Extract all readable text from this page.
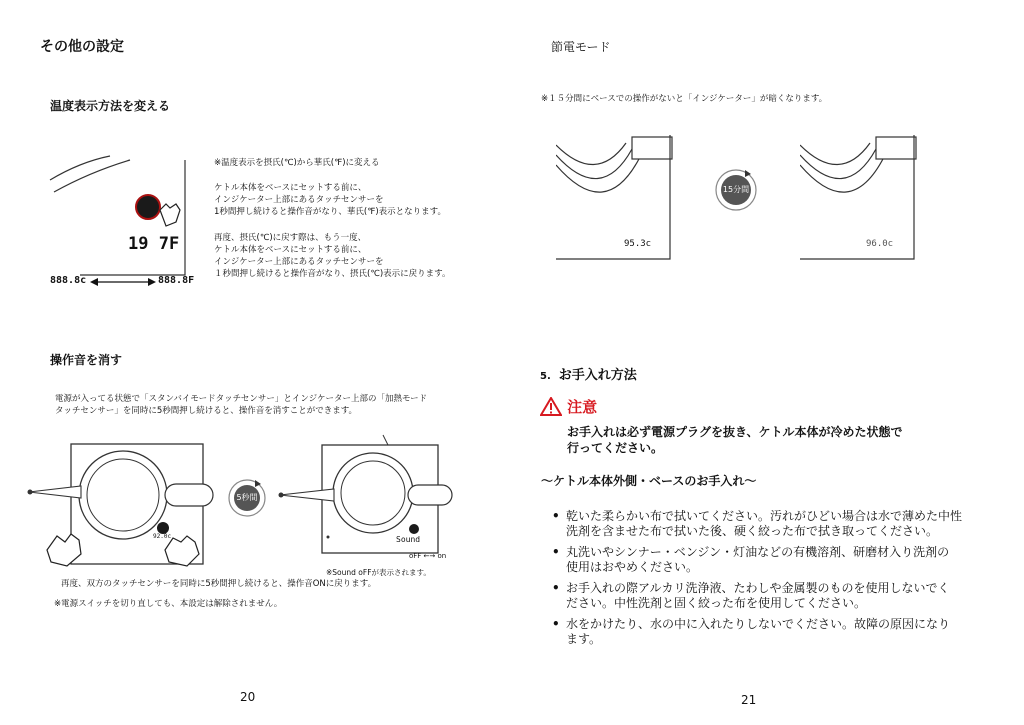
その他の設定
温度表示方法を変える
19 7F
888.8c	888.8F
※温度表示を摂氏(℃)から華氏(℉)に変える
ケトル本体をベースにセットする前に、
インジケーター上部にあるタッチセンサーを
1秒間押し続けると操作音がなり、華氏(℉)表示となります。
再度、摂氏(℃)に戻す際は、もう一度、
ケトル本体をベースにセットする前に、
インジケーター上部にあるタッチセンサーを
１秒間押し続けると操作音がなり、摂氏(℃)表示に戻ります。
操作音を消す
電源が入ってる状態で「スタンバイモードタッチセンサー」とインジケーター上部の「加熱モード
タッチセンサー」を同時に5秒間押し続けると、操作音を消すことができます。
92.0c
5秒間
Sound
oFF ←→ on
※Sound oFFが表示されます。
再度、双方のタッチセンサーを同時に5秒間押し続けると、操作音ONに戻ります。
※電源スイッチを切り直しても、本設定は解除されません。
20
節電モード
※１５分間にベースでの操作がないと「インジケーター」が暗くなります。
95.3c
15分間
96.0c
5. お手入れ方法
注意
お手入れは必ず電源プラグを抜き、ケトル本体が冷めた状態で
行ってください。
～ケトル本体外側・ベースのお手入れ～
• 乾いた柔らかい布で拭いてください。汚れがひどい場合は水で薄めた中性
洗剤を含ませた布で拭いた後、硬く絞った布で拭き取ってください。
• 丸洗いやシンナー・ベンジン・灯油などの有機溶剤、研磨材入り洗剤の
使用はおやめください。
• お手入れの際アルカリ洗浄液、たわしや金属製のものを使用しないでく
ださい。中性洗剤と固く絞った布を使用してください。
• 水をかけたり、水の中に入れたりしないでください。故障の原因になり
ます。
21
